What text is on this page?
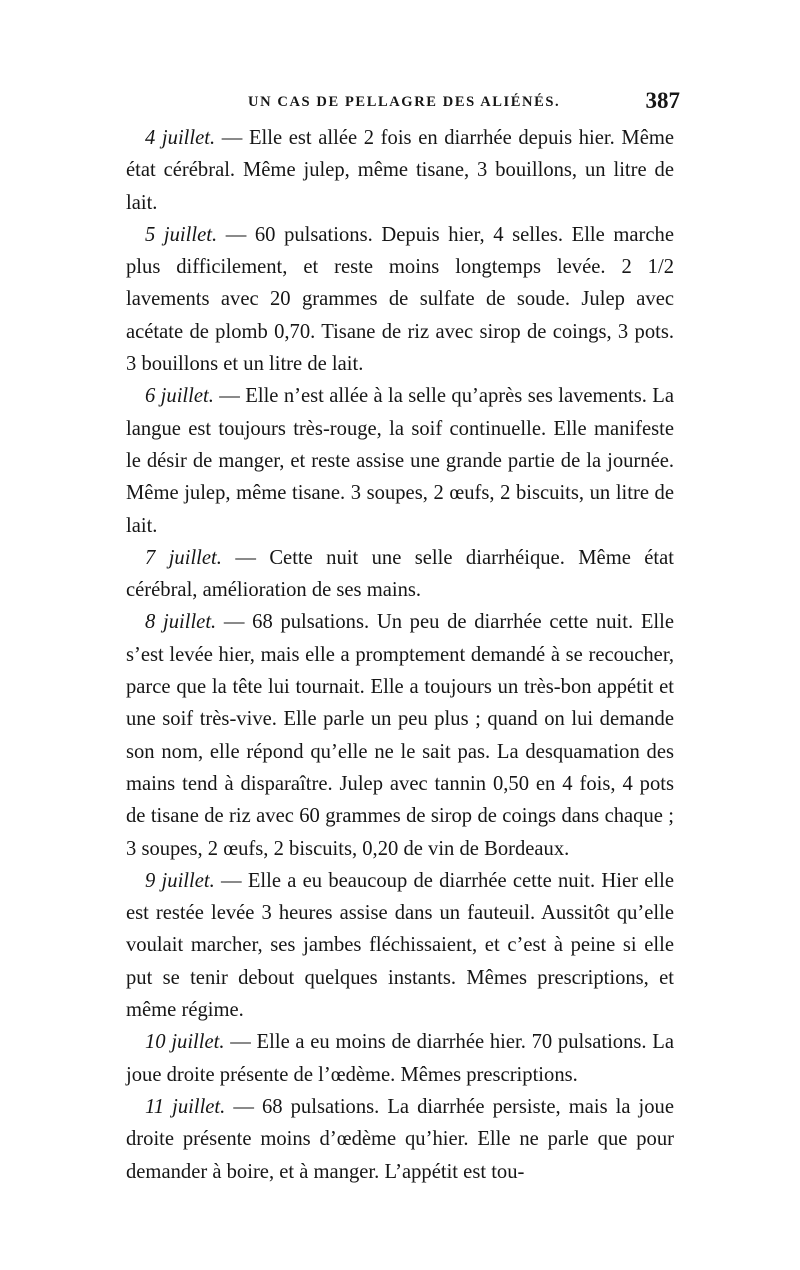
UN CAS DE PELLAGRE DES ALIÉNÉS.	387

4 juillet. — Elle est allée 2 fois en diarrhée depuis hier. Même état cérébral. Même julep, même tisane, 3 bouillons, un litre de lait.

5 juillet. — 60 pulsations. Depuis hier, 4 selles. Elle marche plus difficilement, et reste moins longtemps levée. 2 1/2 lavements avec 20 grammes de sulfate de soude. Julep avec acétate de plomb 0,70. Tisane de riz avec sirop de coings, 3 pots. 3 bouillons et un litre de lait.

6 juillet. — Elle n’est allée à la selle qu’après ses lavements. La langue est toujours très-rouge, la soif continuelle. Elle manifeste le désir de manger, et reste assise une grande partie de la journée. Même julep, même tisane. 3 soupes, 2 œufs, 2 biscuits, un litre de lait.

7 juillet. — Cette nuit une selle diarrhéique. Même état cérébral, amélioration de ses mains.

8 juillet. — 68 pulsations. Un peu de diarrhée cette nuit. Elle s’est levée hier, mais elle a promptement demandé à se recoucher, parce que la tête lui tournait. Elle a toujours un très-bon appétit et une soif très-vive. Elle parle un peu plus ; quand on lui demande son nom, elle répond qu’elle ne le sait pas. La desquamation des mains tend à disparaître. Julep avec tannin 0,50 en 4 fois, 4 pots de tisane de riz avec 60 grammes de sirop de coings dans chaque ; 3 soupes, 2 œufs, 2 biscuits, 0,20 de vin de Bordeaux.

9 juillet. — Elle a eu beaucoup de diarrhée cette nuit. Hier elle est restée levée 3 heures assise dans un fauteuil. Aussitôt qu’elle voulait marcher, ses jambes fléchissaient, et c’est à peine si elle put se tenir debout quelques instants. Mêmes prescriptions, et même régime.

10 juillet. — Elle a eu moins de diarrhée hier. 70 pulsations. La joue droite présente de l’œdème. Mêmes prescriptions.

11 juillet. — 68 pulsations. La diarrhée persiste, mais la joue droite présente moins d’œdème qu’hier. Elle ne parle que pour demander à boire, et à manger. L’appétit est tou-
